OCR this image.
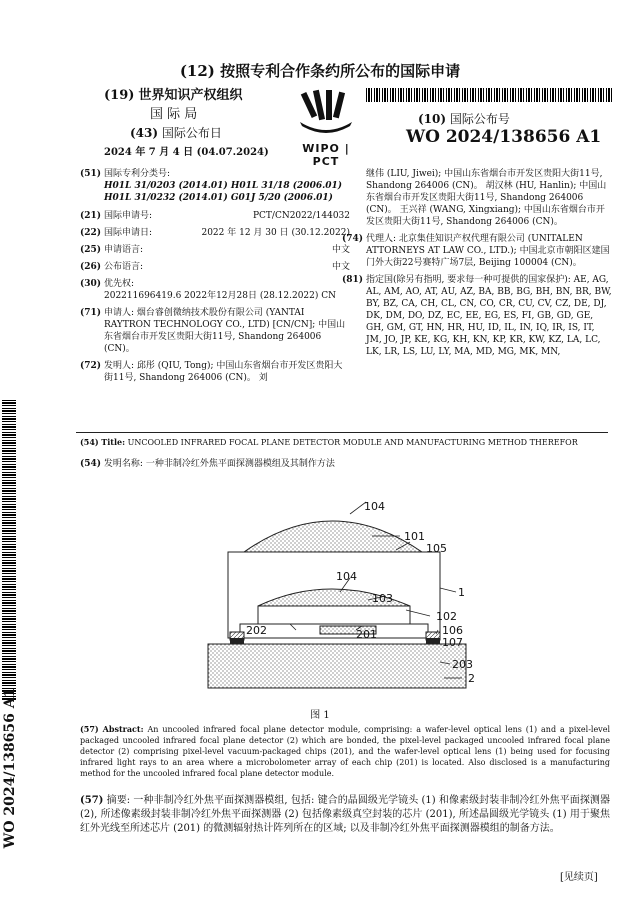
(12) 按照专利合作条约所公布的国际申请
(19) 世界知识产权组织
国 际 局
(43) 国际公布日
2024 年 7 月 4 日 (04.07.2024)	WIPO | PCT
(10) 国际公布号
WO 2024/138656 A1
(51) 国际专利分类号:
H01L 31/0203 (2014.01) H01L 31/18 (2006.01)
H01L 31/0232 (2014.01) G01J 5/20 (2006.01)
(21) 国际申请号:	PCT/CN2022/144032
(22) 国际申请日:	2022 年 12 月 30 日 (30.12.2022)
(25) 申请语言:	中文
(26) 公布语言:	中文
(30) 优先权:
202211696419.6 2022年12月28日 (28.12.2022) CN
(71) 申请人: 烟台睿创微纳技术股份有限公司 (YANTAI RAYTRON TECHNOLOGY CO., LTD) [CN/CN]; 中国山东省烟台市开发区贵阳大街11号, Shandong 264006 (CN)。
(72) 发明人: 邱彤 (QIU, Tong); 中国山东省烟台市开发区贵阳大街11号, Shandong 264006 (CN)。 刘
继伟 (LIU, Jiwei); 中国山东省烟台市开发区贵阳大街11号, Shandong 264006 (CN)。 胡汉林 (HU, Hanlin); 中国山东省烟台市开发区贵阳大街11号, Shandong 264006 (CN)。 王兴祥 (WANG, Xingxiang); 中国山东省烟台市开发区贵阳大街11号, Shandong 264006 (CN)。
(74) 代理人: 北京集佳知识产权代理有限公司 (UNITALEN ATTORNEYS AT LAW CO., LTD.); 中国北京市朝阳区建国门外大街22号赛特广场7层, Beijing 100004 (CN)。
(81) 指定国(除另有指明, 要求每一种可提供的国家保护): AE, AG, AL, AM, AO, AT, AU, AZ, BA, BB, BG, BH, BN, BR, BW, BY, BZ, CA, CH, CL, CN, CO, CR, CU, CV, CZ, DE, DJ, DK, DM, DO, DZ, EC, EE, EG, ES, FI, GB, GD, GE, GH, GM, GT, HN, HR, HU, ID, IL, IN, IQ, IR, IS, IT, JM, JO, JP, KE, KG, KH, KN, KP, KR, KW, KZ, LA, LC, LK, LR, LS, LU, LY, MA, MD, MG, MK, MN,
(54) Title: UNCOOLED INFRARED FOCAL PLANE DETECTOR MODULE AND MANUFACTURING METHOD THEREFOR
(54) 发明名称: 一种非制冷红外焦平面探测器模组及其制作方法
104
101
105
104
103	1
102
202	201	106
107
203
2
图 1
(57) Abstract: An uncooled infrared focal plane detector module, comprising: a wafer-level optical lens (1) and a pixel-level packaged uncooled infrared focal plane detector (2) which are bonded, the pixel-level packaged uncooled infrared focal plane detector (2) comprising pixel-level vacuum-packaged chips (201), and the wafer-level optical lens (1) being used for focusing infrared light rays to an area where a microbolometer array of each chip (201) is located. Also disclosed is a manufacturing method for the uncooled infrared focal plane detector module.
(57) 摘要: 一种非制冷红外焦平面探测器模组, 包括: 键合的晶圆级光学镜头 (1) 和像素级封装非制冷红外焦平面探测器 (2), 所述像素级封装非制冷红外焦平面探测器 (2) 包括像素级真空封装的芯片 (201), 所述晶圆级光学镜头 (1) 用于聚焦红外光线至所述芯片 (201) 的微测辐射热计阵列所在的区域; 以及非制冷红外焦平面探测器模组的制备方法。
[见续页]
WO 2024/138656 A1
